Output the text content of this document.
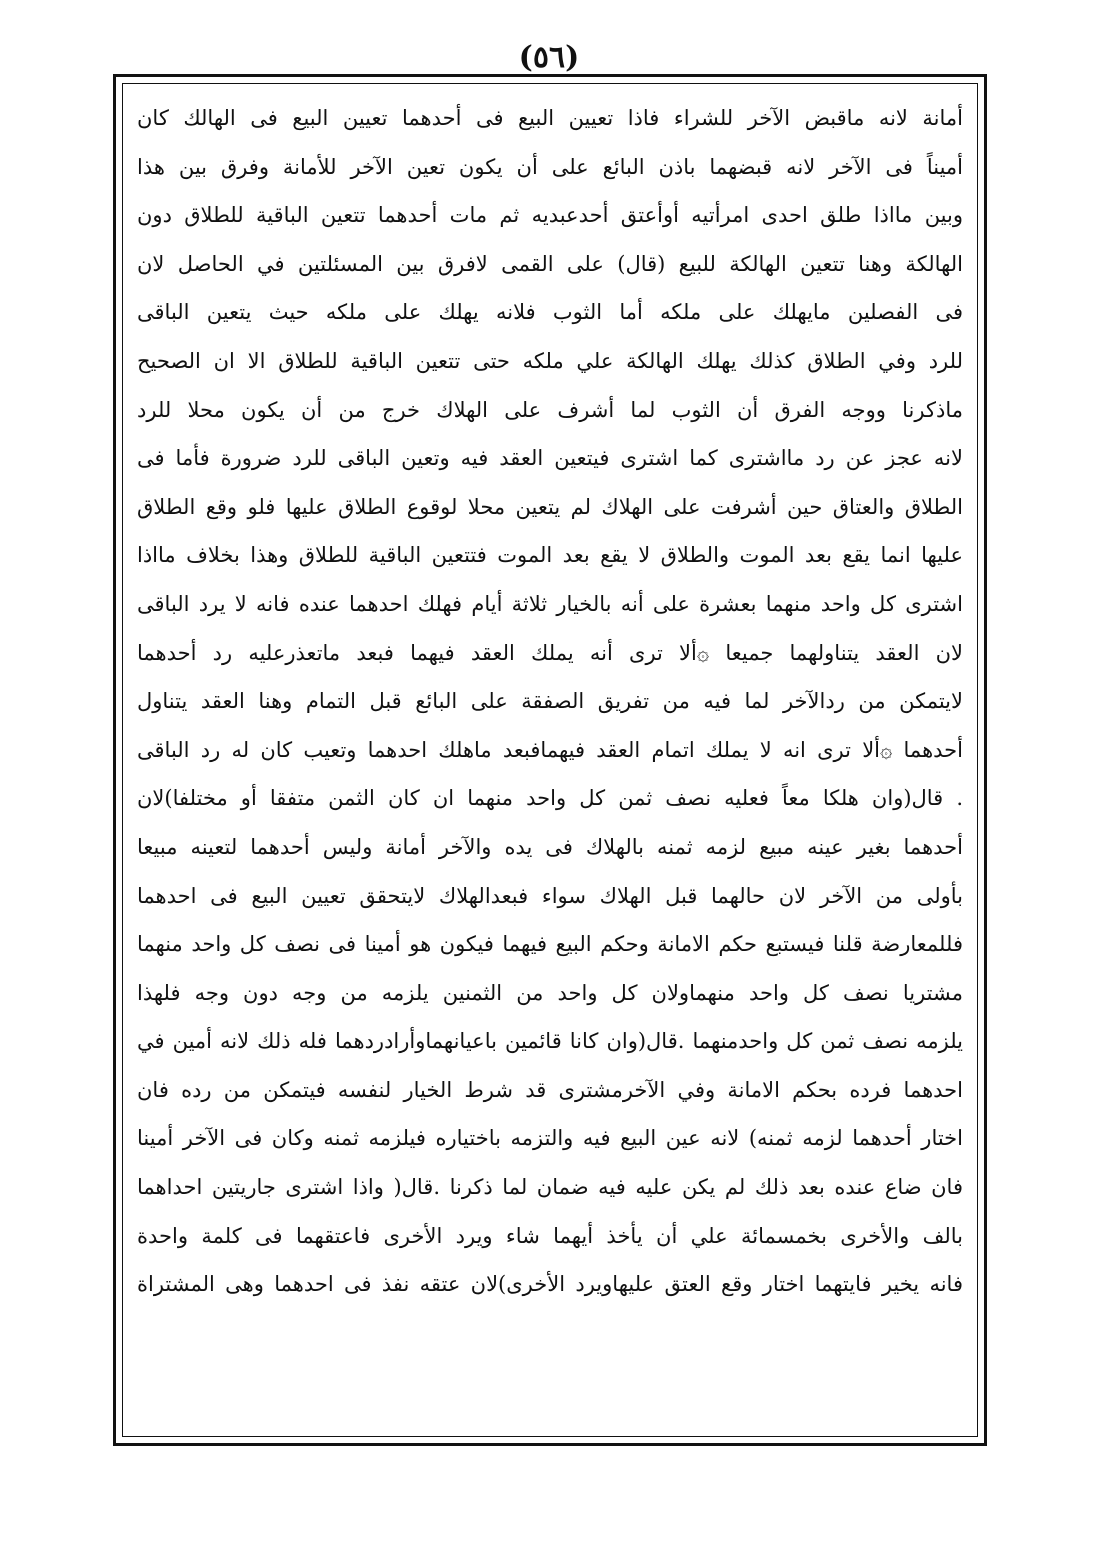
(٥٦)
أمانة لانه ماقبض الآخر للشراء فاذا تعيين البيع فى أحدهما تعيين البيع فى الهالك كان
أميناً فى الآخر لانه قبضهما باذن البائع على أن يكون تعين الآخر للأمانة وفرق بين هذا
وبين مااذا طلق احدى امرأتيه أوأعتق أحدعبديه ثم مات أحدهما تتعين الباقية للطلاق دون
الهالكة وهنا تتعين الهالكة للبيع (قال) على القمى لافرق بين المسئلتين في الحاصل لان
فى الفصلين مايهلك على ملكه أما الثوب فلانه يهلك على ملكه حيث يتعين الباقى
للرد وفي الطلاق كذلك يهلك الهالكة علي ملكه حتى تتعين الباقية للطلاق الا ان الصحيح
ماذكرنا ووجه الفرق أن الثوب لما أشرف على الهلاك خرج من أن يكون محلا للرد
لانه عجز عن رد مااشترى كما اشترى فيتعين العقد فيه وتعين الباقى للرد ضرورة فأما فى
الطلاق والعتاق حين أشرفت على الهلاك لم يتعين محلا لوقوع الطلاق عليها فلو وقع الطلاق
عليها انما يقع بعد الموت والطلاق لا يقع بعد الموت فتتعين الباقية للطلاق وهذا بخلاف مااذا
اشترى كل واحد منهما بعشرة على أنه بالخيار ثلاثة أيام فهلك احدهما عنده فانه لا يرد الباقى
لان العقد يتناولهما جميعا ۞ألا ترى أنه يملك العقد فيهما فبعد ماتعذرعليه رد أحدهما
لايتمكن من ردالآخر لما فيه من تفريق الصفقة على البائع قبل التمام وهنا العقد يتناول
أحدهما ۞ألا ترى انه لا يملك اتمام العقد فيهمافبعد ماهلك احدهما وتعيب كان له رد الباقى
. قال(وان هلكا معاً فعليه نصف ثمن كل واحد منهما ان كان الثمن متفقا أو مختلفا)لان
أحدهما بغير عينه مبيع لزمه ثمنه بالهلاك فى يده والآخر أمانة وليس أحدهما لتعينه مبيعا
بأولى من الآخر لان حالهما قبل الهلاك سواء فبعدالهلاك لايتحقق تعيين البيع فى احدهما
فللمعارضة قلنا فيستبع حكم الامانة وحكم البيع فيهما فيكون هو أمينا فى نصف كل واحد منهما
مشتريا نصف كل واحد منهماولان كل واحد من الثمنين يلزمه من وجه دون وجه فلهذا
يلزمه نصف ثمن كل واحدمنهما .قال(وان كانا قائمين باعيانهماوأرادردهما فله ذلك لانه أمين في
احدهما فرده بحكم الامانة وفي الآخرمشترى قد شرط الخيار لنفسه فيتمكن من رده فان
اختار أحدهما لزمه ثمنه) لانه عين البيع فيه والتزمه باختياره فيلزمه ثمنه وكان فى الآخر أمينا
فان ضاع عنده بعد ذلك لم يكن عليه فيه ضمان لما ذكرنا .قال( واذا اشترى جاريتين احداهما
بالف والأخرى بخمسمائة علي أن يأخذ أيهما شاء ويرد الأخرى فاعتقهما فى كلمة واحدة
فانه يخير فايتهما اختار وقع العتق عليهاويرد الأخرى)لان عتقه نفذ فى احدهما وهى المشتراة
